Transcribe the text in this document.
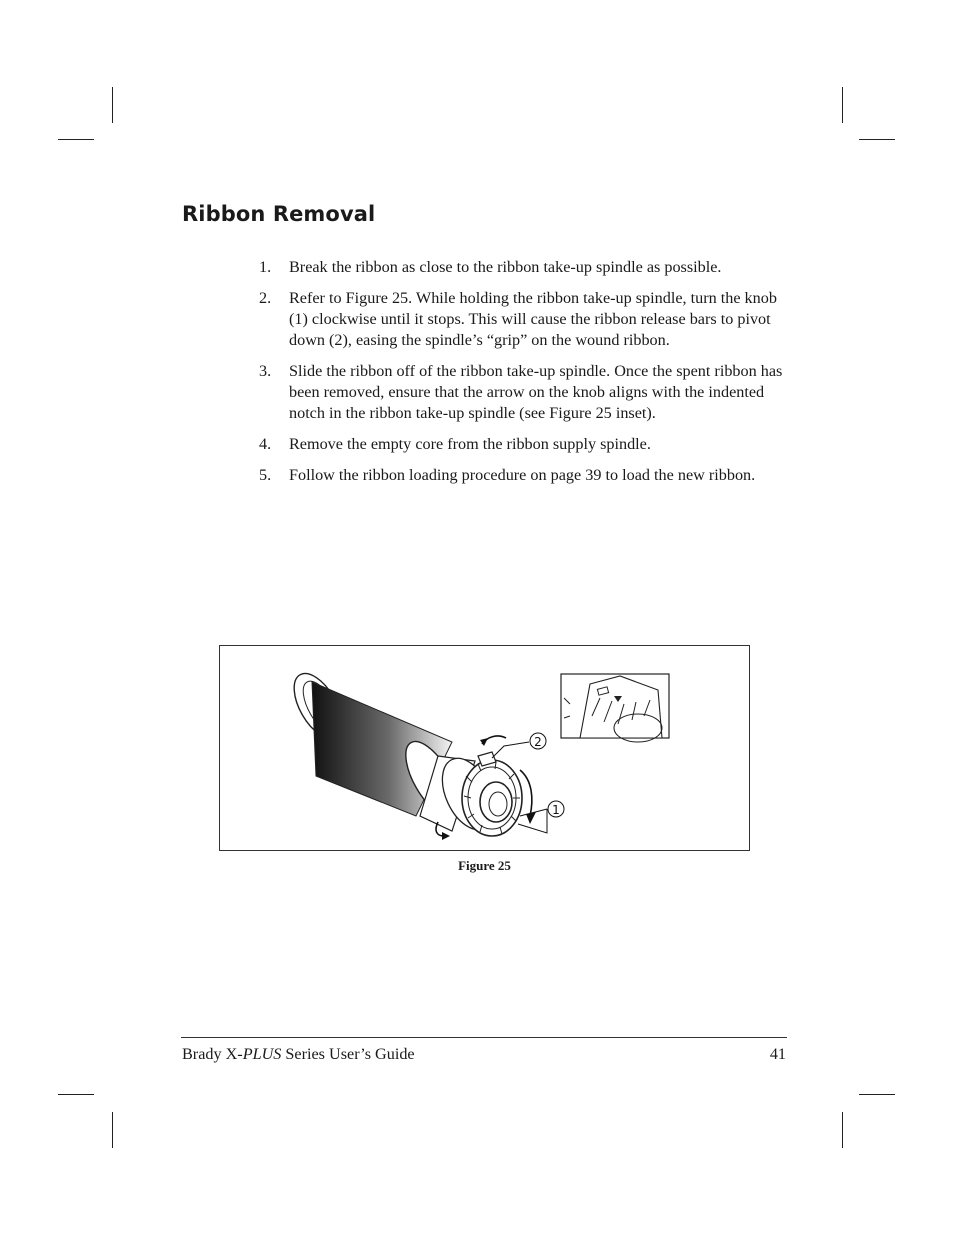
Ribbon Removal
1. Break the ribbon as close to the ribbon take-up spindle as possible.
2. Refer to Figure 25. While holding the ribbon take-up spindle, turn the knob (1) clockwise until it stops. This will cause the ribbon release bars to pivot down (2), easing the spindle’s “grip” on the wound ribbon.
3. Slide the ribbon off of the ribbon take-up spindle. Once the spent ribbon has been removed, ensure that the arrow on the knob aligns with the indented notch in the ribbon take-up spindle (see Figure 25 inset).
4. Remove the empty core from the ribbon supply spindle.
5. Follow the ribbon loading procedure on page 39 to load the new ribbon.
2
1
Figure 25
Brady X-PLUS Series User’s Guide	41
